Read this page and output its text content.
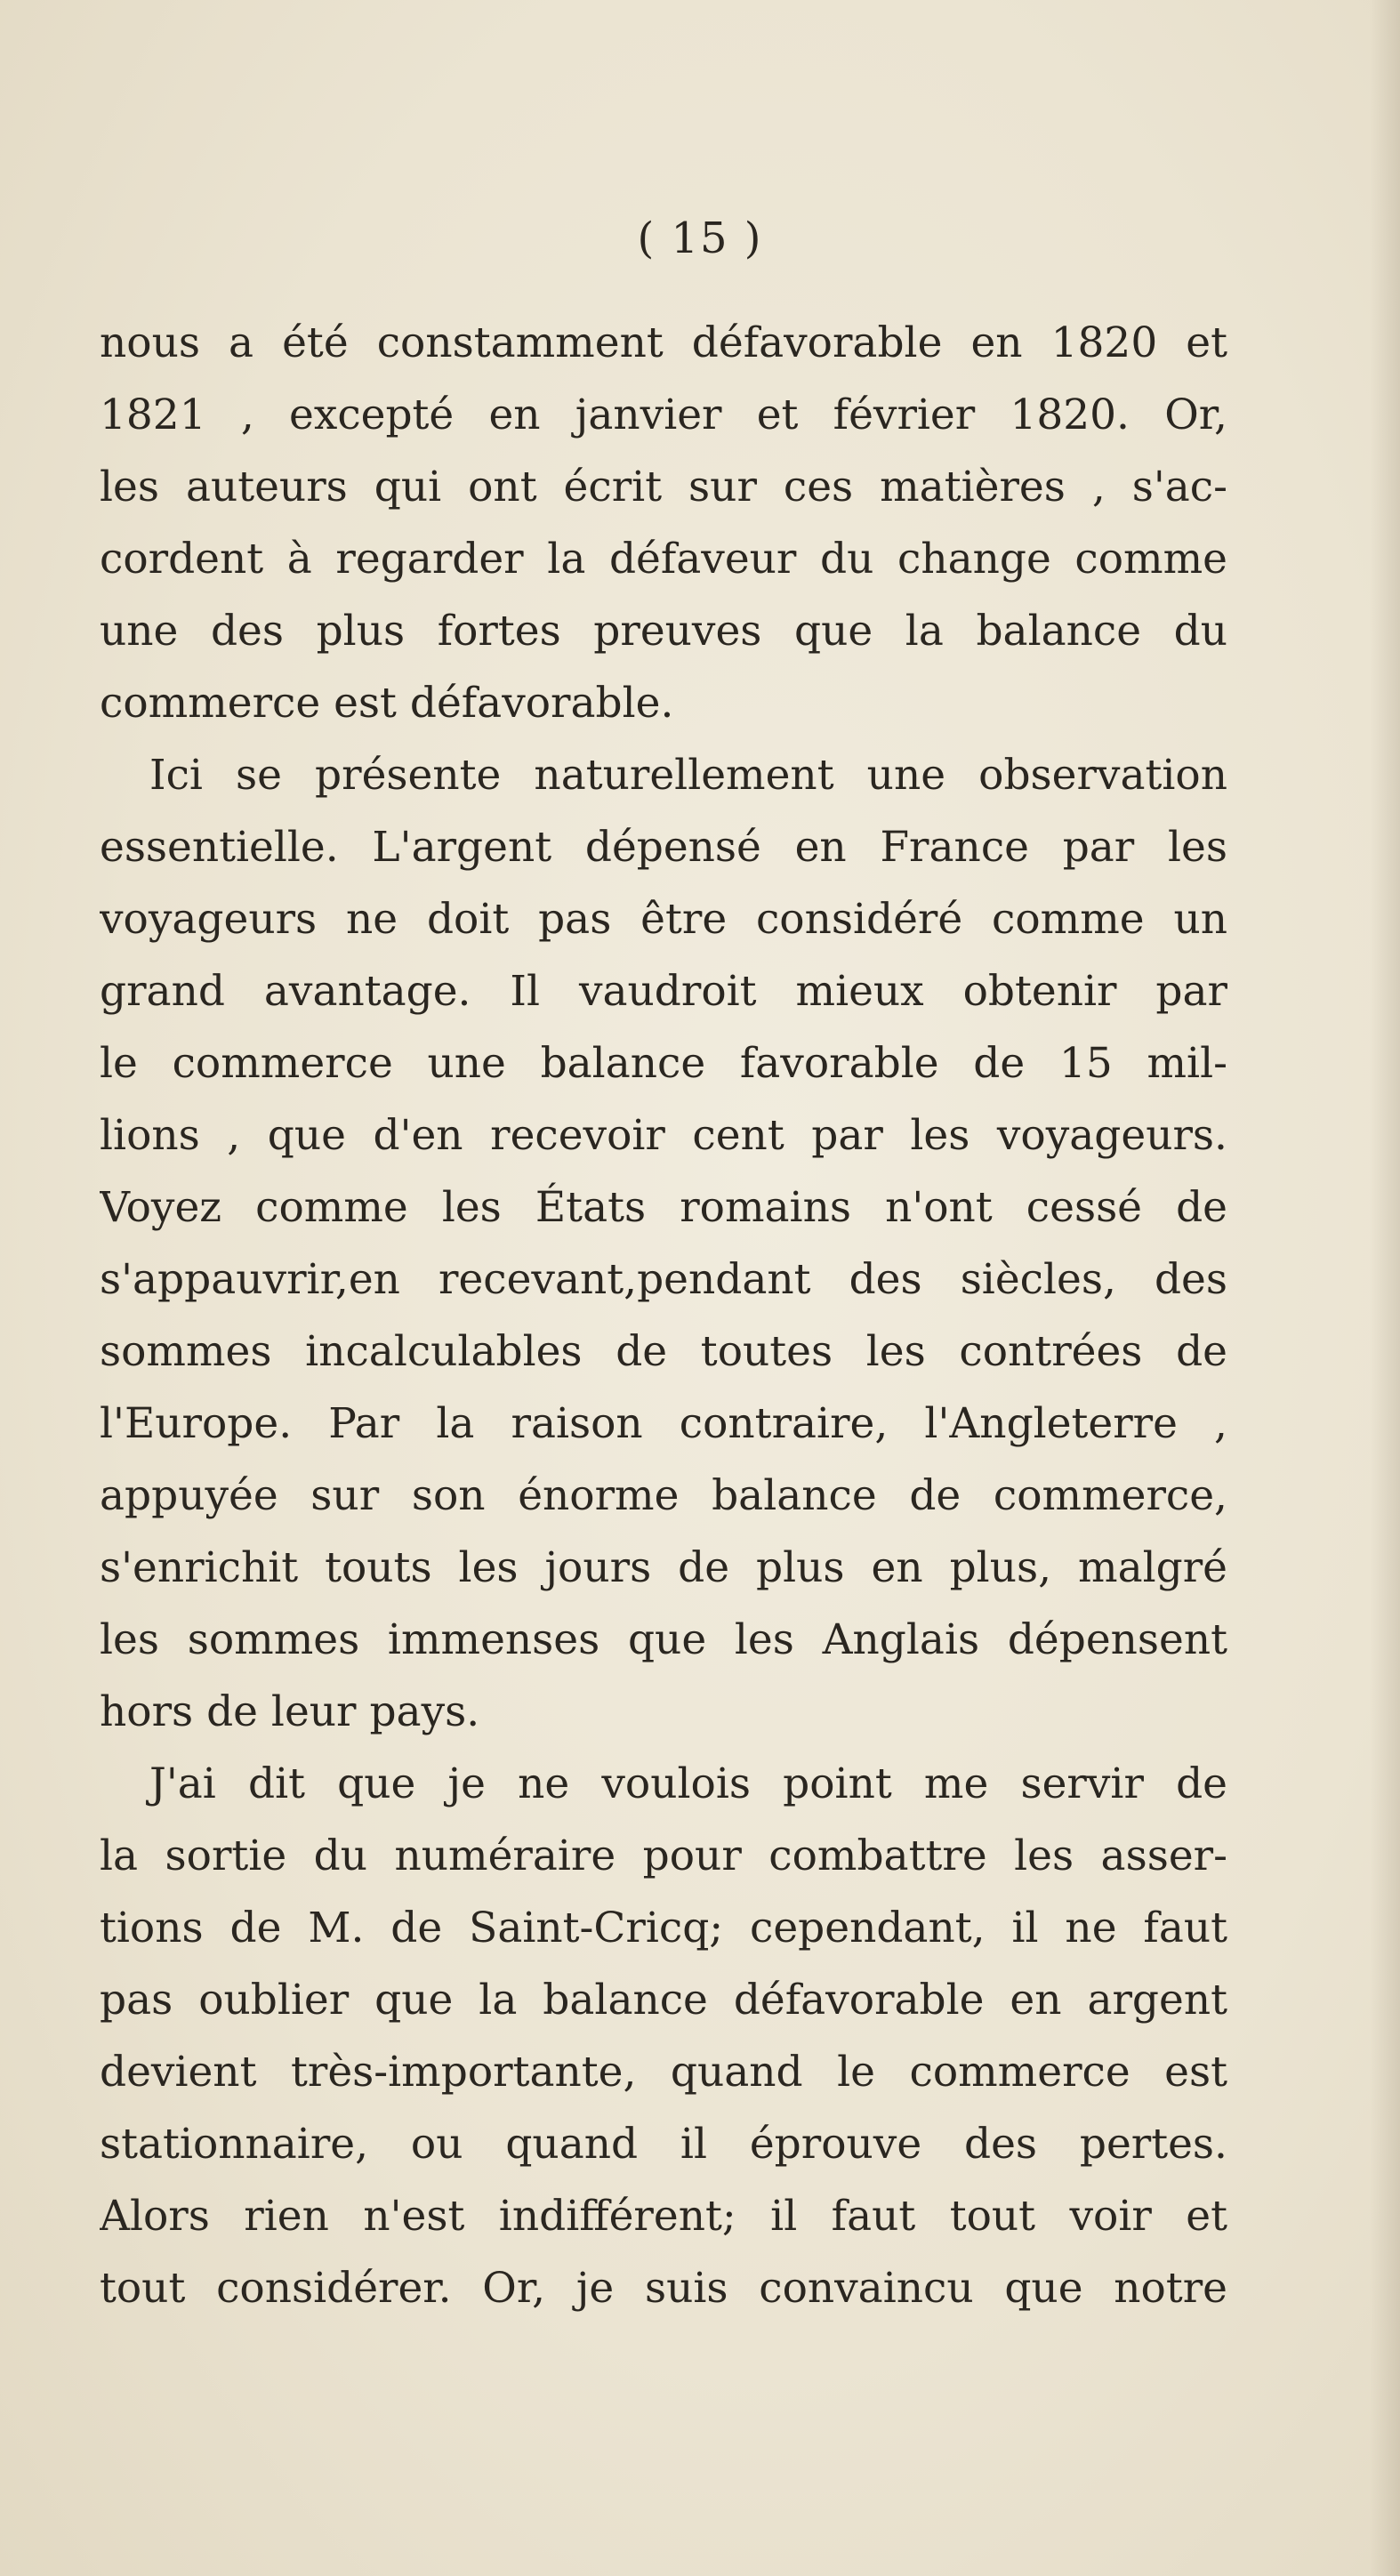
( 15 )
nous a été constamment défavorable en 1820 et
1821 , excepté en janvier et février 1820. Or,
les auteurs qui ont écrit sur ces matières , s'ac-
cordent à regarder la défaveur du change comme
une des plus fortes preuves que la balance du
commerce est défavorable.
Ici se présente naturellement une observation
essentielle. L'argent dépensé en France par les
voyageurs ne doit pas être considéré comme un
grand avantage. Il vaudroit mieux obtenir par
le commerce une balance favorable de 15 mil-
lions , que d'en recevoir cent par les voyageurs.
Voyez comme les États romains n'ont cessé de
s'appauvrir,en recevant,pendant des siècles, des
sommes incalculables de toutes les contrées de
l'Europe. Par la raison contraire, l'Angleterre ,
appuyée sur son énorme balance de commerce,
s'enrichit touts les jours de plus en plus, malgré
les sommes immenses que les Anglais dépensent
hors de leur pays.
J'ai dit que je ne voulois point me servir de
la sortie du numéraire pour combattre les asser-
tions de M. de Saint-Cricq; cependant, il ne faut
pas oublier que la balance défavorable en argent
devient très-importante, quand le commerce est
stationnaire, ou quand il éprouve des pertes.
Alors rien n'est indifférent; il faut tout voir et
tout considérer. Or, je suis convaincu que notre
